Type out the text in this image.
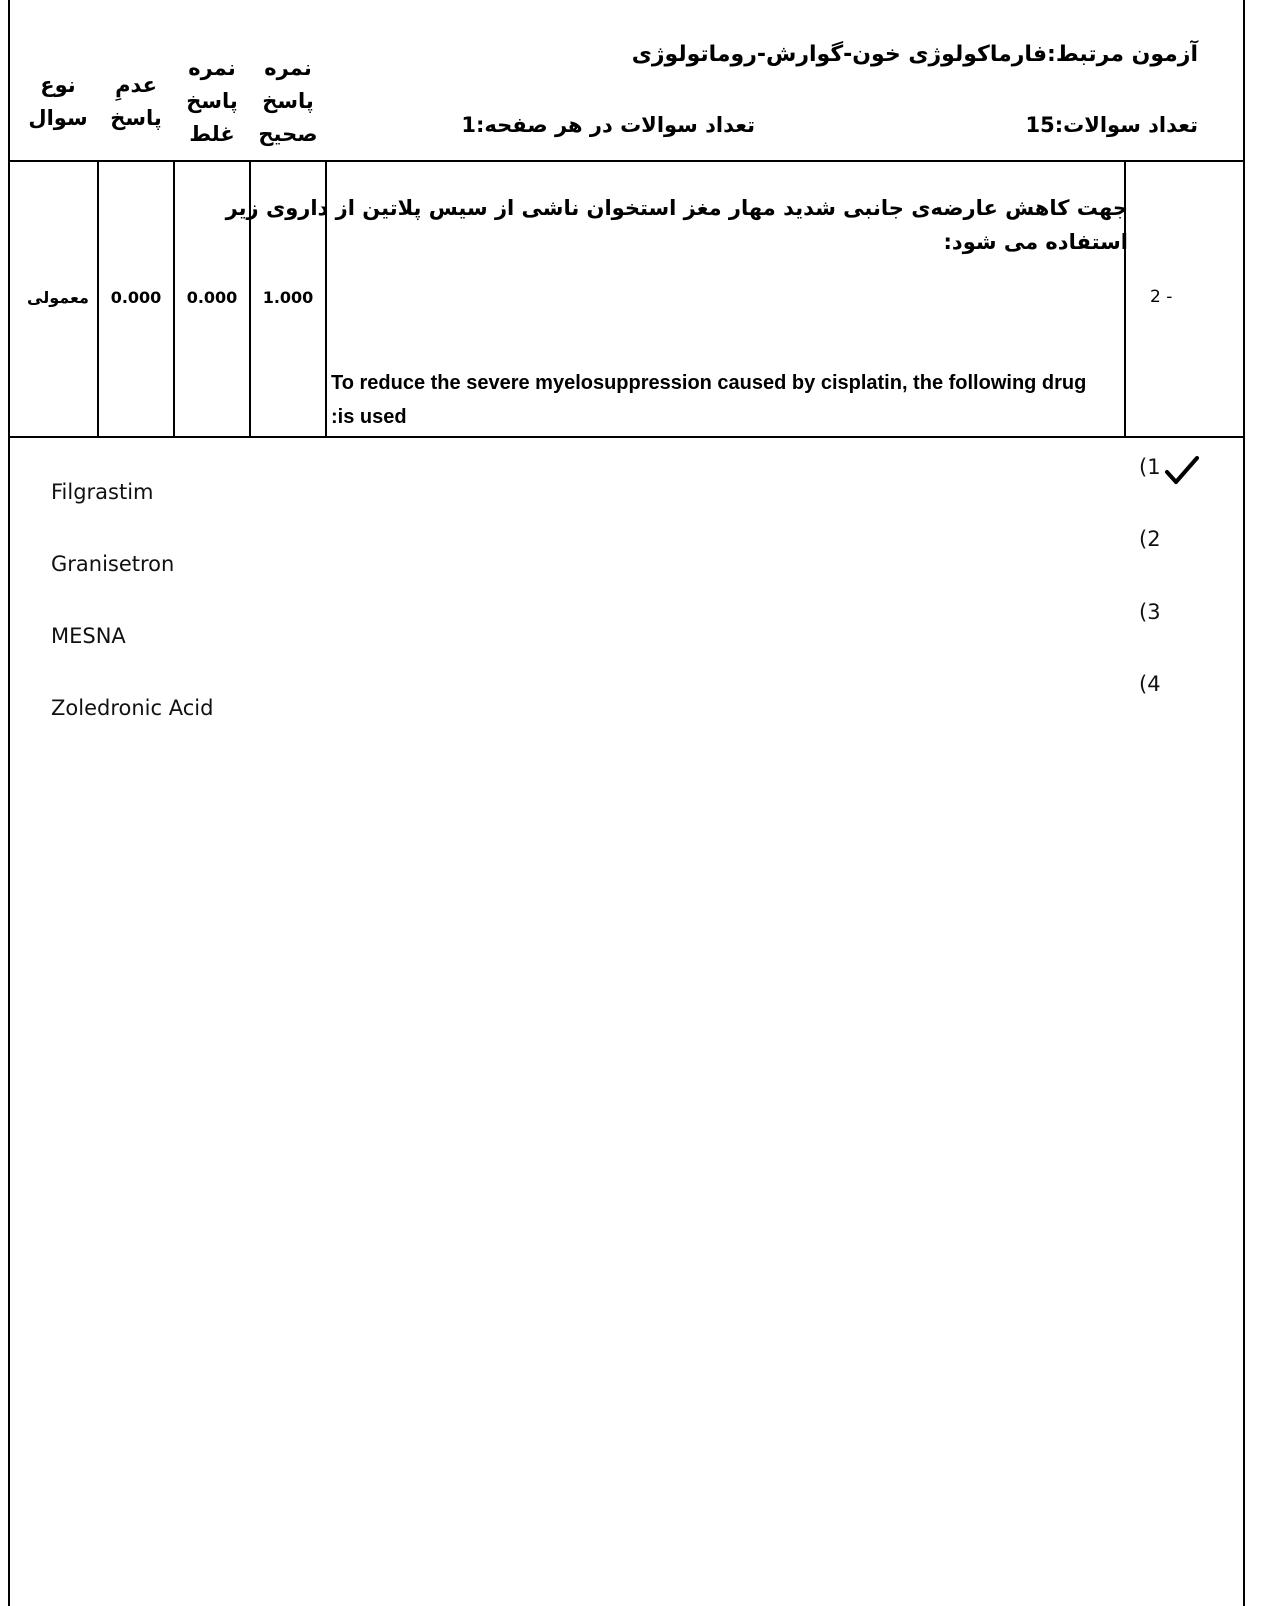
آزمون مرتبط:فارماکولوژی خون-گوارش-روماتولوژی
تعداد سوالات:15
تعداد سوالات در هر صفحه:1
نمره
پاسخ
صحیح
نمره
پاسخ
غلط
عدمِ
پاسخ
نوع
سوال
جهت کاهش عارضه‌ی جانبی شدید مهار مغز استخوان ناشی از سیس پلاتین از داروی زیر
استفاده می شود:
To reduce the severe myelosuppression caused by cisplatin, the following drug
:is used
2 -
1.000
0.000
0.000
معمولی
(1
Filgrastim
(2
Granisetron
(3
MESNA
(4
Zoledronic Acid
